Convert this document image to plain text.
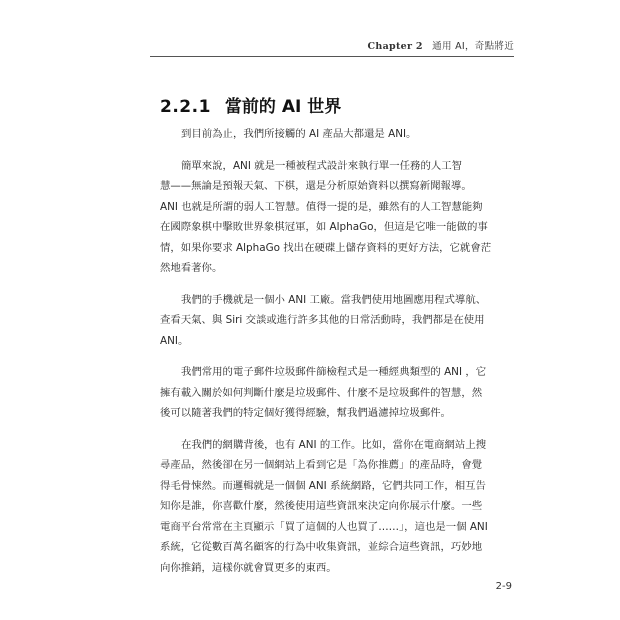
Chapter 2 通用 AI，奇點將近
2.2.1 當前的 AI 世界

到目前為止，我們所接觸的 AI 產品大都還是 ANI。

簡單來說，ANI 就是一種被程式設計來執行單一任務的人工智
慧——無論是預報天氣、下棋，還是分析原始資料以撰寫新聞報導。
ANI 也就是所謂的弱人工智慧。值得一提的是，雖然有的人工智慧能夠
在國際象棋中擊敗世界象棋冠軍，如 AlphaGo，但這是它唯一能做的事
情，如果你要求 AlphaGo 找出在硬碟上儲存資料的更好方法，它就會茫
然地看著你。

我們的手機就是一個小 ANI 工廠。當我們使用地圖應用程式導航、
查看天氣、與 Siri 交談或進行許多其他的日常活動時，我們都是在使用
ANI。

我們常用的電子郵件垃圾郵件篩檢程式是一種經典類型的 ANI ，它
擁有載入關於如何判斷什麼是垃圾郵件、什麼不是垃圾郵件的智慧，然
後可以隨著我們的特定個好獲得經驗，幫我們過濾掉垃圾郵件。

在我們的網購背後，也有 ANI 的工作。比如，當你在電商網站上搜
尋產品，然後卻在另一個網站上看到它是「為你推薦」的產品時，會覺
得毛骨悚然。而邏輯就是一個個 ANI 系統網路，它們共同工作，相互告
知你是誰，你喜歡什麼，然後使用這些資訊來決定向你展示什麼。一些
電商平台常常在主頁顯示「買了這個的人也買了……」，這也是一個 ANI
系統，它從數百萬名顧客的行為中收集資訊，並綜合這些資訊，巧妙地
向你推銷，這樣你就會買更多的東西。

2-9
